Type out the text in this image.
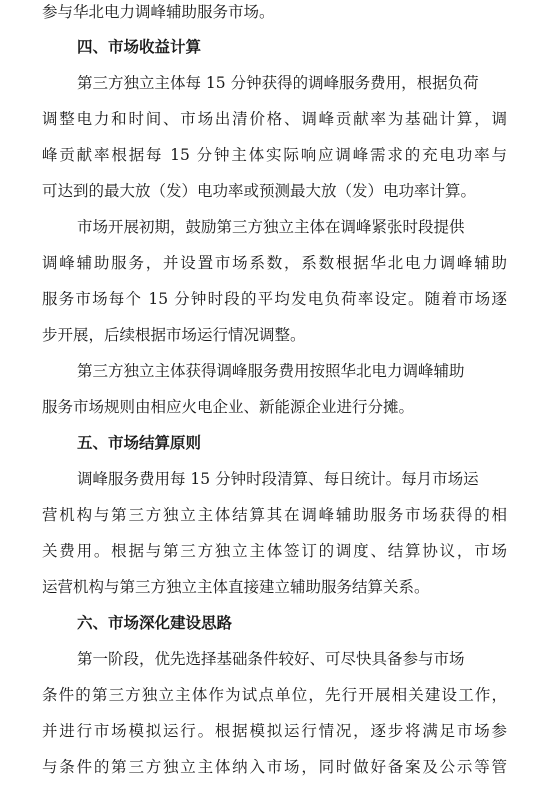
参与华北电力调峰辅助服务市场。
四、市场收益计算
第三方独立主体每 15 分钟获得的调峰服务费用，根据负荷
调整电力和时间、市场出清价格、调峰贡献率为基础计算，调
峰贡献率根据每 15 分钟主体实际响应调峰需求的充电功率与
可达到的最大放（发）电功率或预测最大放（发）电功率计算。
市场开展初期，鼓励第三方独立主体在调峰紧张时段提供
调峰辅助服务，并设置市场系数，系数根据华北电力调峰辅助
服务市场每个 15 分钟时段的平均发电负荷率设定。随着市场逐
步开展，后续根据市场运行情况调整。
第三方独立主体获得调峰服务费用按照华北电力调峰辅助
服务市场规则由相应火电企业、新能源企业进行分摊。
五、市场结算原则
调峰服务费用每 15 分钟时段清算、每日统计。每月市场运
营机构与第三方独立主体结算其在调峰辅助服务市场获得的相
关费用。根据与第三方独立主体签订的调度、结算协议，市场
运营机构与第三方独立主体直接建立辅助服务结算关系。
六、市场深化建设思路
第一阶段，优先选择基础条件较好、可尽快具备参与市场
条件的第三方独立主体作为试点单位，先行开展相关建设工作，
并进行市场模拟运行。根据模拟运行情况，逐步将满足市场参
与条件的第三方独立主体纳入市场，同时做好备案及公示等管
